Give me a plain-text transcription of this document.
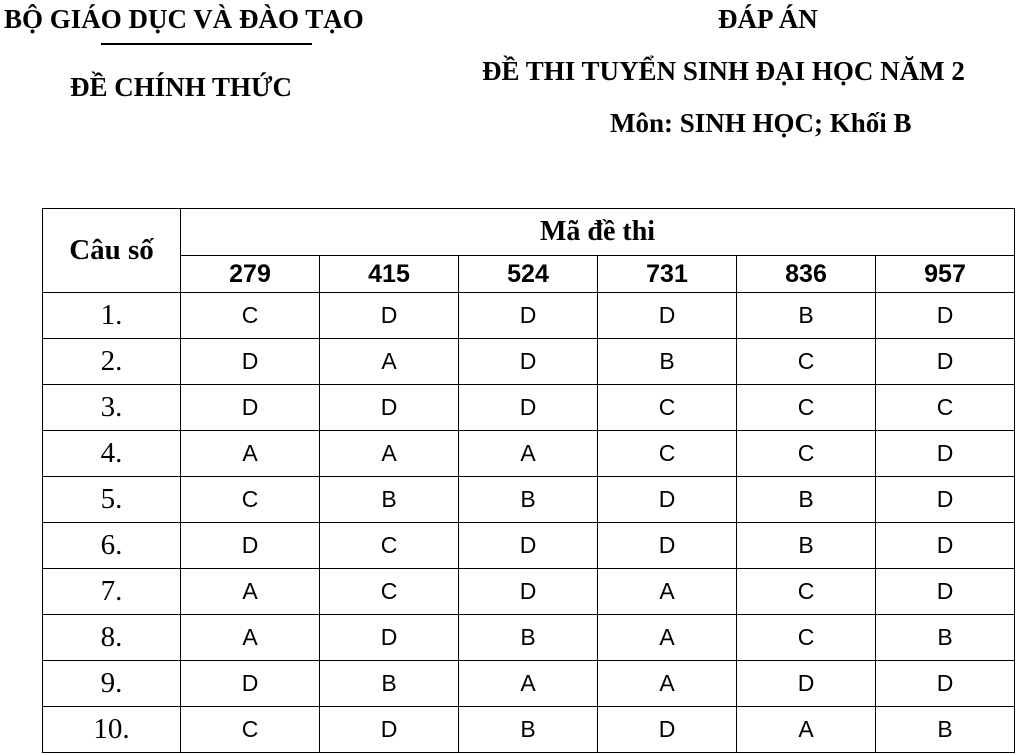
BỘ GIÁO DỤC VÀ ĐÀO TẠO
ĐỀ CHÍNH THỨC
ĐÁP ÁN
ĐỀ THI TUYỂN SINH ĐẠI HỌC NĂM 2
Môn: SINH HỌC; Khối B
Câu số	Mã đề thi					
	279	415	524	731	836	957
1.	C	D	D	D	B	D
2.	D	A	D	B	C	D
3.	D	D	D	C	C	C
4.	A	A	A	C	C	D
5.	C	B	B	D	B	D
6.	D	C	D	D	B	D
7.	A	C	D	A	C	D
8.	A	D	B	A	C	B
9.	D	B	A	A	D	D
10.	C	D	B	D	A	B
